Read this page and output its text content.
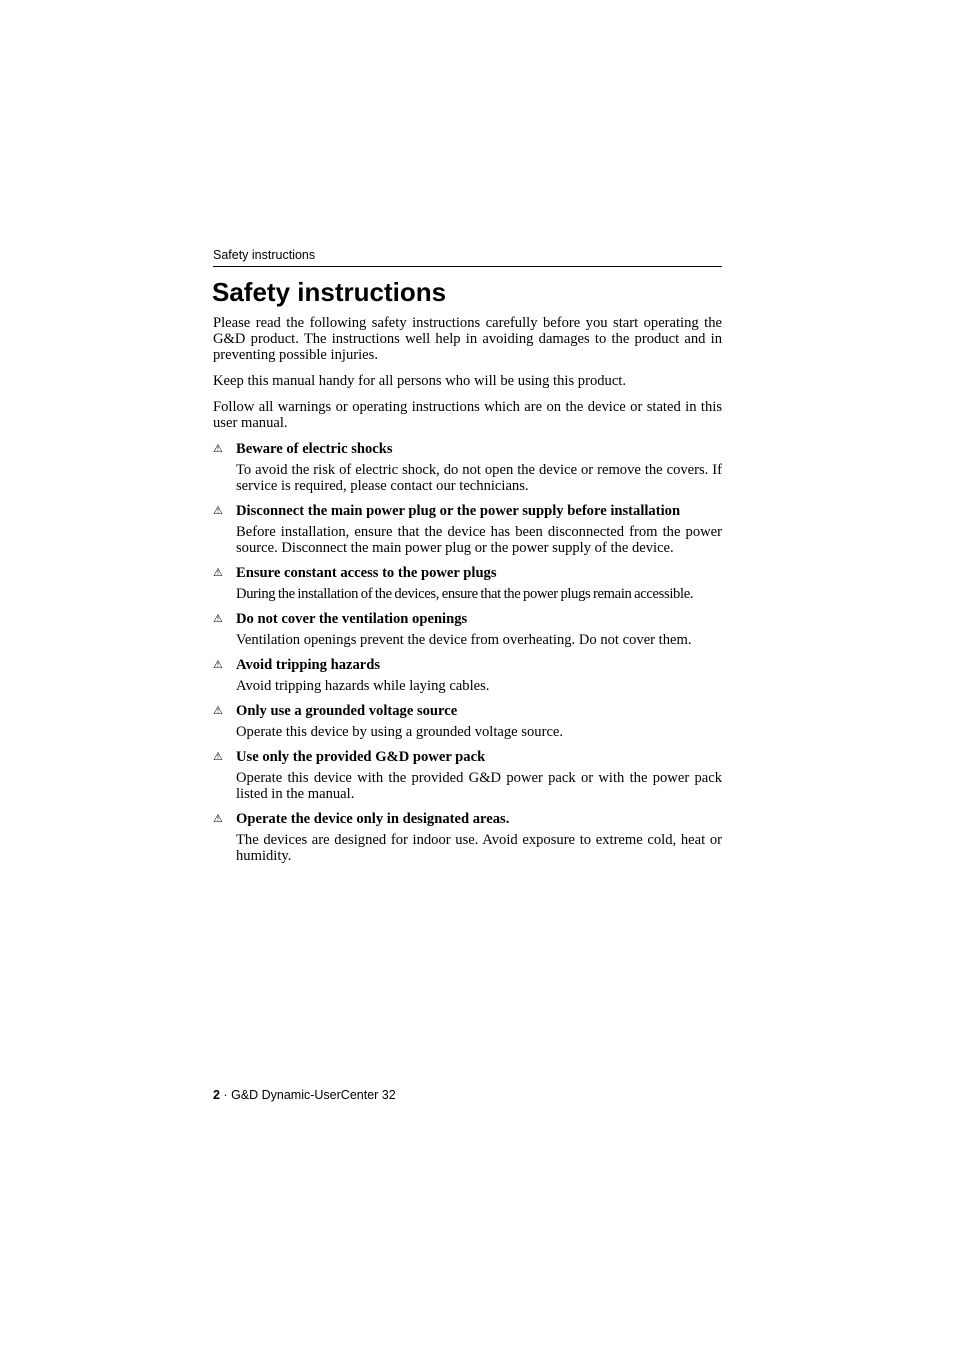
Safety instructions
Safety instructions

Please read the following safety instructions carefully before you start operating the G&D product. The instructions well help in avoiding damages to the product and in preventing possible injuries.

Keep this manual handy for all persons who will be using this product.

Follow all warnings or operating instructions which are on the device or stated in this user manual.

⚠ Beware of electric shocks

To avoid the risk of electric shock, do not open the device or remove the covers. If service is required, please contact our technicians.

⚠ Disconnect the main power plug or the power supply before installation

Before installation, ensure that the device has been disconnected from the power source. Disconnect the main power plug or the power supply of the device.

⚠ Ensure constant access to the power plugs

During the installation of the devices, ensure that the power plugs remain accessible.

⚠ Do not cover the ventilation openings

Ventilation openings prevent the device from overheating. Do not cover them.

⚠ Avoid tripping hazards

Avoid tripping hazards while laying cables.

⚠ Only use a grounded voltage source

Operate this device by using a grounded voltage source.

⚠ Use only the provided G&D power pack

Operate this device with the provided G&D power pack or with the power pack listed in the manual.

⚠ Operate the device only in designated areas.

The devices are designed for indoor use. Avoid exposure to extreme cold, heat or humidity.

2 · G&D Dynamic-UserCenter 32
